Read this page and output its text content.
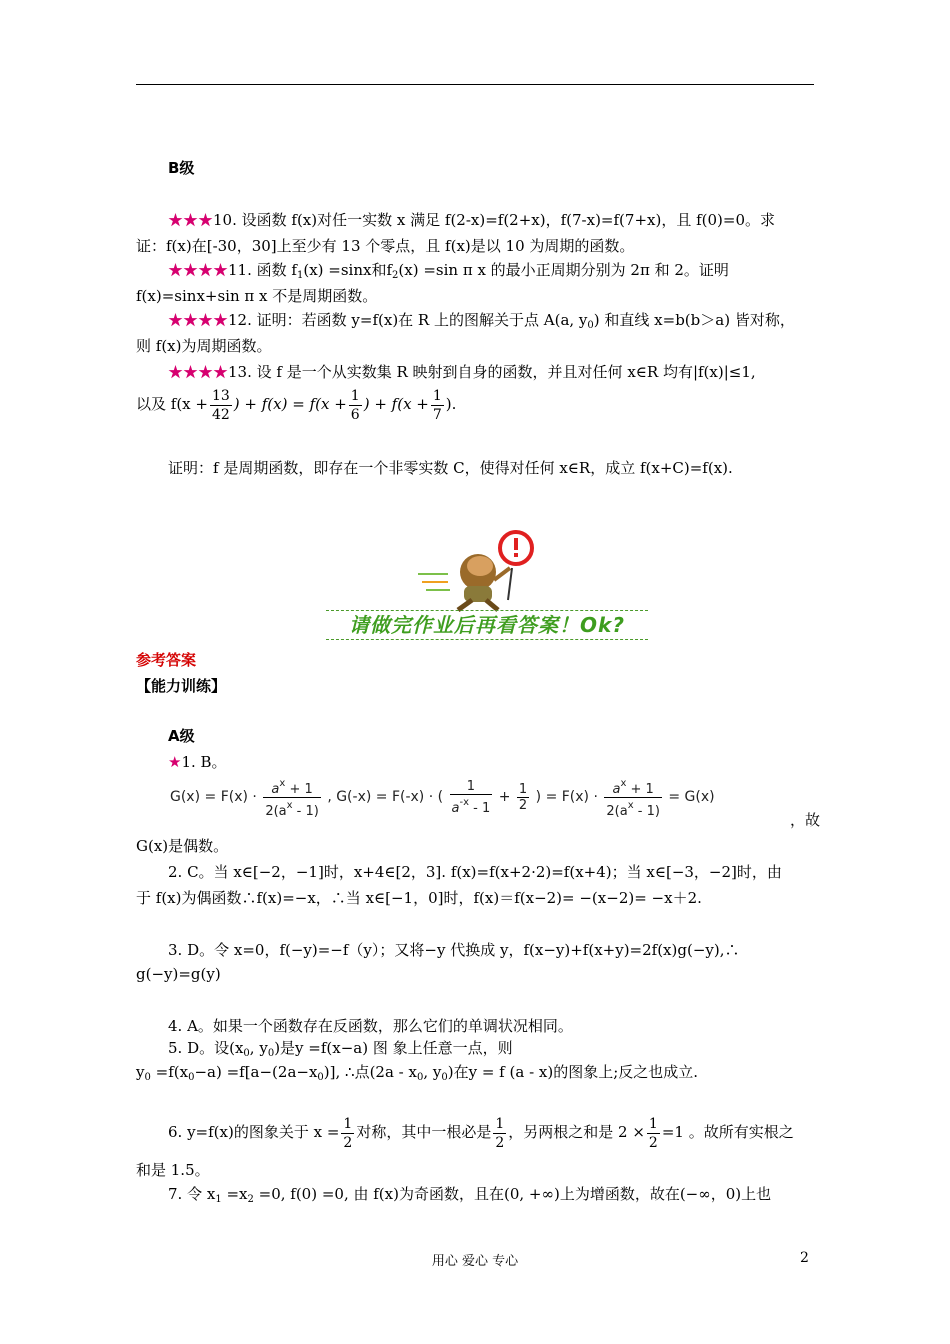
B级
★★★10. 设函数 f(x)对任一实数 x 满足 f(2-x)=f(2+x)，f(7-x)=f(7+x)，且 f(0)=0。求
证：f(x)在[-30，30]上至少有 13 个零点，且 f(x)是以 10 为周期的函数。
★★★★11. 函数 $f_1(x) =\sin x$和$f_2(x) =\sin$ π x 的最小正周期分别为 2π 和 2。证明
f(x)=sinx+sin π x 不是周期函数。
★★★★12. 证明：若函数 y=f(x)在 R 上的图解关于点 A(a, $y_0$) 和直线 x=b(b＞a) 皆对称，
则 f(x)为周期函数。
★★★★13. 设 f 是一个从实数集 R 映射到自身的函数，并且对任何 x∈R 均有|f(x)|≤1,
以及 $f(x + \frac{13}{42}$ ) + $f(x) = f(x + \frac{1}{6}$ ) + $f(x + \frac{1}{7}$ ).
证明：f 是周期函数，即存在一个非零实数 C，使得对任何 x∈R，成立 f(x+C)=f(x).
请做完作业后再看答案！Ok?
参考答案
【能力训练】
A级
★1. B。
$G(x) = F(x) \cdot \frac{a^x + 1}{2(a^x - 1)}$ , G(-x) = F(-x) · ( $\frac{1}{a^{-x} - 1} + \frac{1}{2}$ ) = $F(x) \cdot \frac{a^x + 1}{2(a^x - 1)} = G(x)$
，故
G(x)是偶数。
2. C。当 x∈[−2，−1]时，x+4∈[2，3]. f(x)=f(x+2·2)=f(x+4)；当 x∈[−3，−2]时，由
于 f(x)为偶函数∴f(x)=−x，∴当 x∈[−1，0]时，f(x)＝f(x−2)= −(x−2)= −x＋2.
3. D。令 x=0，f(−y)=−f（y）；又将−y 代换成 y，f(x−y)+f(x+y)=2f(x)g(−y),∴
g(−y)=g(y)
4. A。如果一个函数存在反函数，那么它们的单调状况相同。
5. D。设($x_0$, $y_0$)是y =f(x−a) 图 象上任意一点，则
$y_0 =f(x_0-a) =f[a-(2a-x_0)]$, ∴点($2a - x_0$, $y_0$)在y = f (a - x)的图象上;反之也成立.
6. y=f(x)的图象关于 $x = \frac{1}{2}$ 对称，其中一根必是 $\frac{1}{2}$ ，另两根之和是 $2 \times \frac{1}{2} =1$ 。故所有实根之
和是 1.5。
7. 令 $x_1 =x_2 =0$, f(0) =0, 由 f(x)为奇函数，且在(0, +∞)上为增函数，故在(−∞，0)上也
用心 爱心 专心	2
